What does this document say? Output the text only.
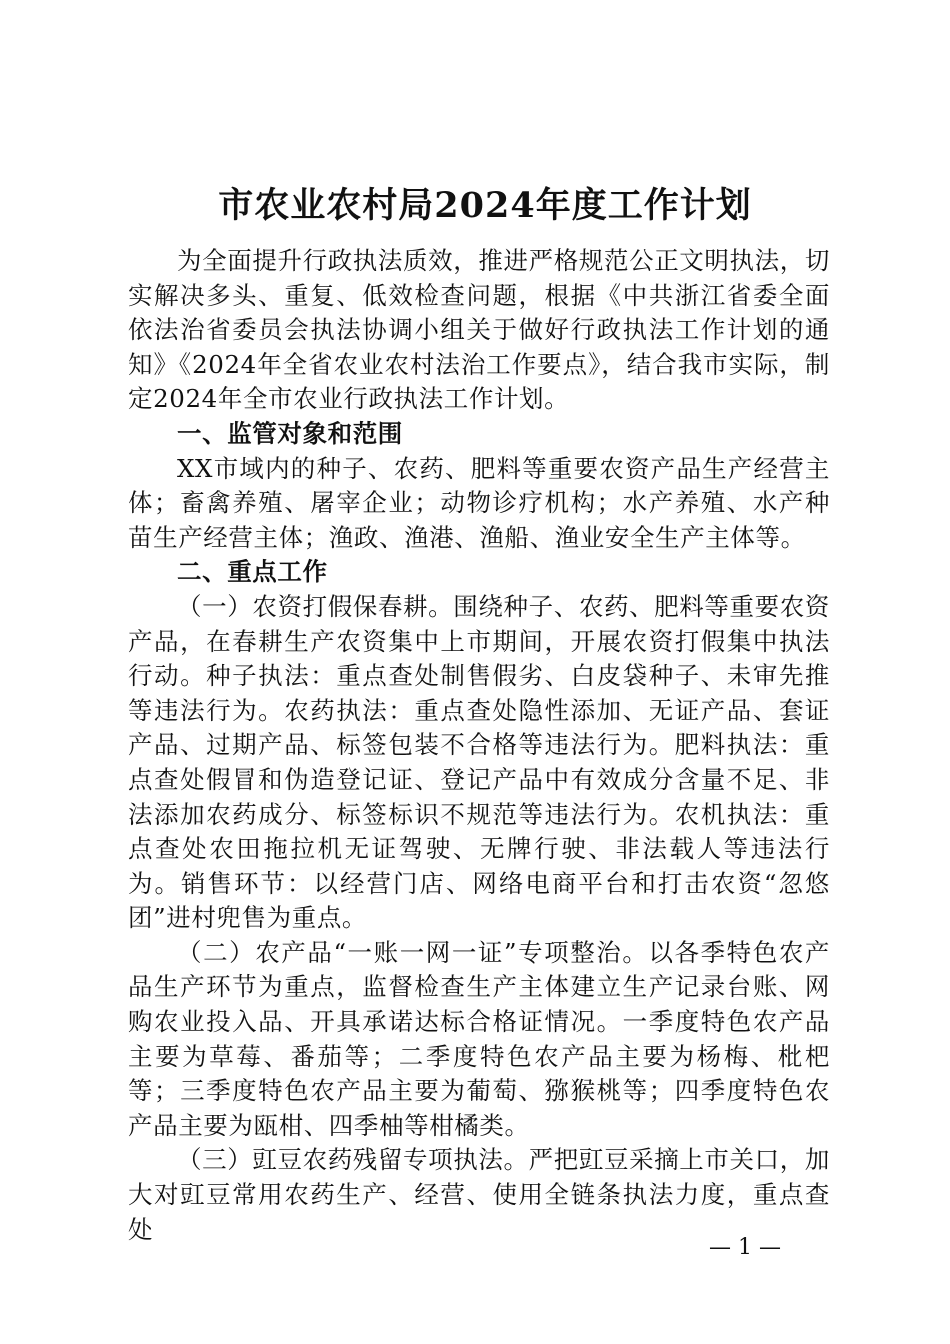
市农业农村局2024年度工作计划

为全面提升行政执法质效，推进严格规范公正文明执法，切实解决多头、重复、低效检查问题，根据《中共浙江省委全面依法治省委员会执法协调小组关于做好行政执法工作计划的通知》《2024年全省农业农村法治工作要点》，结合我市实际，制定2024年全市农业行政执法工作计划。

一、监管对象和范围

XX市域内的种子、农药、肥料等重要农资产品生产经营主体；畜禽养殖、屠宰企业；动物诊疗机构；水产养殖、水产种苗生产经营主体；渔政、渔港、渔船、渔业安全生产主体等。

二、重点工作

（一）农资打假保春耕。围绕种子、农药、肥料等重要农资产品，在春耕生产农资集中上市期间，开展农资打假集中执法行动。种子执法：重点查处制售假劣、白皮袋种子、未审先推等违法行为。农药执法：重点查处隐性添加、无证产品、套证产品、过期产品、标签包装不合格等违法行为。肥料执法：重点查处假冒和伪造登记证、登记产品中有效成分含量不足、非法添加农药成分、标签标识不规范等违法行为。农机执法：重点查处农田拖拉机无证驾驶、无牌行驶、非法载人等违法行为。销售环节：以经营门店、网络电商平台和打击农资“忽悠团”进村兜售为重点。

（二）农产品“一账一网一证”专项整治。以各季特色农产品生产环节为重点，监督检查生产主体建立生产记录台账、网购农业投入品、开具承诺达标合格证情况。一季度特色农产品主要为草莓、番茄等；二季度特色农产品主要为杨梅、枇杷等；三季度特色农产品主要为葡萄、猕猴桃等；四季度特色农产品主要为瓯柑、四季柚等柑橘类。

（三）豇豆农药残留专项执法。严把豇豆采摘上市关口，加大对豇豆常用农药生产、经营、使用全链条执法力度，重点查处

— 1 —
